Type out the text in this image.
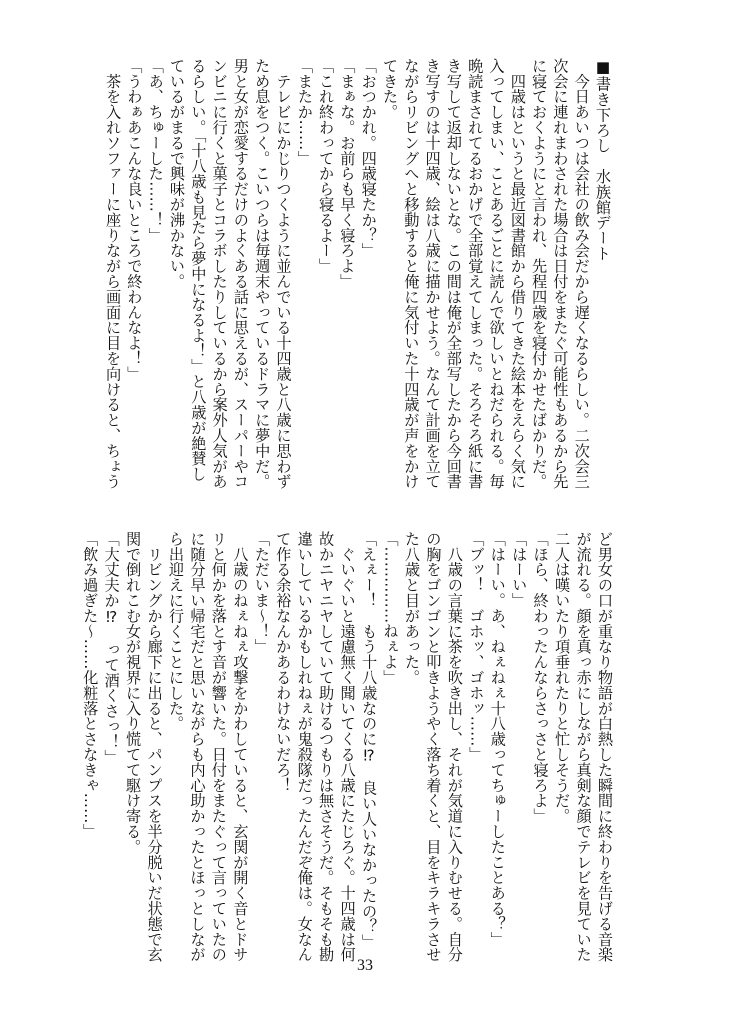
■書き下ろし　水族館デート
　今日あいつは会社の飲み会だから遅くなるらしい。二次会三
次会に連れまわされた場合は日付をまたぐ可能性もあるから先
に寝ておくようにと言われ、先程四歳を寝付かせたばかりだ。
　四歳はというと最近図書館から借りてきた絵本をえらく気に
入ってしまい、ことあるごとに読んで欲しいとねだられる。毎
晩読まされてるおかげで全部覚えてしまった。そろそろ紙に書
き写して返却しないとな。この間は俺が全部写したから今回書
き写すのは十四歳、絵は八歳に描かせよう。なんて計画を立て
ながらリビングへと移動すると俺に気付いた十四歳が声をかけ
てきた。
「おつかれ。四歳寝たか？」
「まぁな。お前らも早く寝ろよ」
「これ終わってから寝るよー」
「またか……」
　テレビにかじりつくように並んでいる十四歳と八歳に思わず
ため息をつく。こいつらは毎週末やっているドラマに夢中だ。
男と女が恋愛するだけのよくある話に思えるが、スーパーやコ
ンビニに行くと菓子とコラボしたりしているから案外人気があ
るらしい。「十八歳も見たら夢中になるよ！」と八歳が絶賛し
ているがまるで興味が沸かない。
「あ、ちゅーした……！」
「うわぁあこんな良いところで終わんなよ！」
　茶を入れソファーに座りながら画面に目を向けると、ちょう
ど男女の口が重なり物語が白熱した瞬間に終わりを告げる音楽
が流れる。顔を真っ赤にしながら真剣な顔でテレビを見ていた
二人は嘆いたり項垂れたりと忙しそうだ。
「ほら、終わったんならさっさと寝ろよ」
「はーい」
「はーい。あ、ねぇねぇ十八歳ってちゅーしたことある？」
「ブッ！　ゴホッ、ゴホッ……」
　八歳の言葉に茶を吹き出し、それが気道に入りむせる。自分
の胸をゴンゴンと叩きようやく落ち着くと、目をキラキラさせ
た八歳と目があった。
「……………ねぇよ」
「えぇー！　もう十八歳なのに⁉　良い人いなかったの？」
　ぐいぐいと遠慮無く聞いてくる八歳にたじろぐ。十四歳は何
故かニヤニヤしていて助けるつもりは無さそうだ。そもそも勘
違いしているかもしれねぇが鬼殺隊だったんだぞ俺は。女なん
て作る余裕なんかあるわけないだろ！
「ただいま～！」
　八歳のねぇねぇ攻撃をかわしていると、玄関が開く音とドサ
リと何かを落とす音が響いた。日付をまたぐって言っていたの
に随分早い帰宅だと思いながらも内心助かったとほっとしなが
ら出迎えに行くことにした。
　リビングから廊下に出ると、パンプスを半分脱いだ状態で玄
関で倒れこむ女が視界に入り慌てて駆け寄る。
「大丈夫か⁉　って酒くさっ！」
「飲み過ぎた～……化粧落とさなきゃ……」
33
